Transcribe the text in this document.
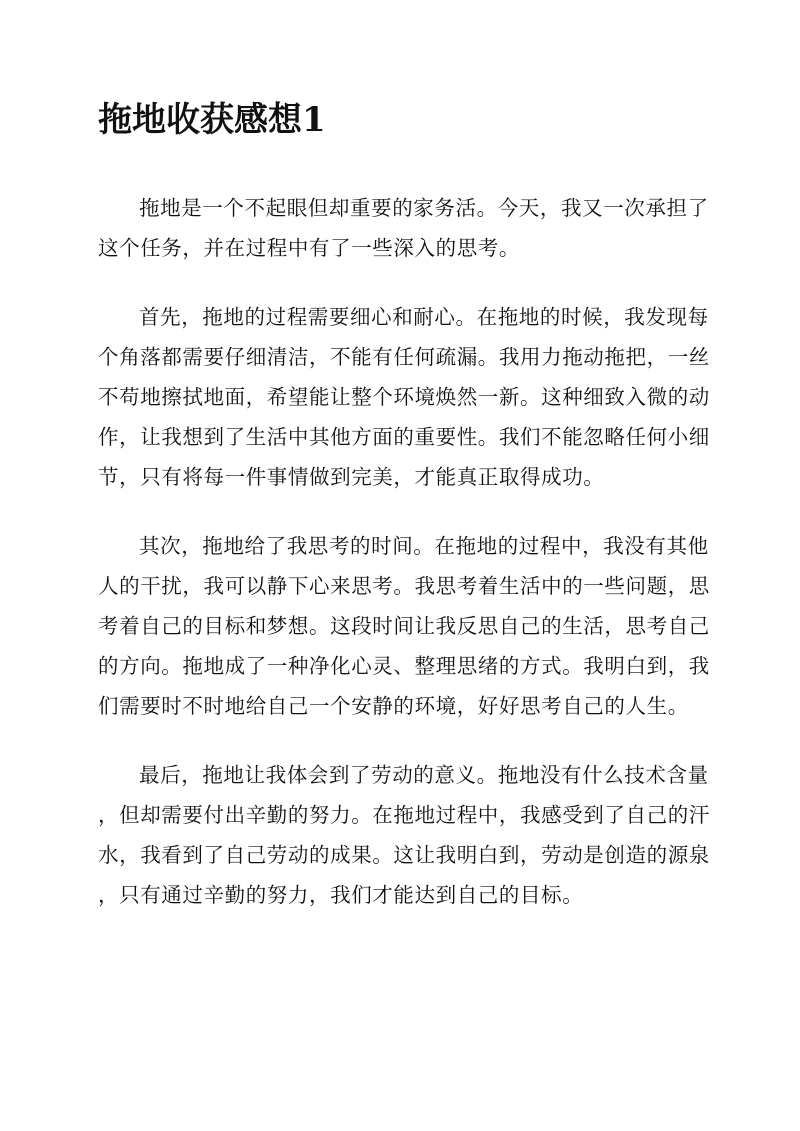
拖地收获感想1

拖地是一个不起眼但却重要的家务活。今天，我又一次承担了
这个任务，并在过程中有了一些深入的思考。

首先，拖地的过程需要细心和耐心。在拖地的时候，我发现每
个角落都需要仔细清洁，不能有任何疏漏。我用力拖动拖把，一丝
不苟地擦拭地面，希望能让整个环境焕然一新。这种细致入微的动
作，让我想到了生活中其他方面的重要性。我们不能忽略任何小细
节，只有将每一件事情做到完美，才能真正取得成功。

其次，拖地给了我思考的时间。在拖地的过程中，我没有其他
人的干扰，我可以静下心来思考。我思考着生活中的一些问题，思
考着自己的目标和梦想。这段时间让我反思自己的生活，思考自己
的方向。拖地成了一种净化心灵、整理思绪的方式。我明白到，我
们需要时不时地给自己一个安静的环境，好好思考自己的人生。

最后，拖地让我体会到了劳动的意义。拖地没有什么技术含量
，但却需要付出辛勤的努力。在拖地过程中，我感受到了自己的汗
水，我看到了自己劳动的成果。这让我明白到，劳动是创造的源泉
，只有通过辛勤的努力，我们才能达到自己的目标。
